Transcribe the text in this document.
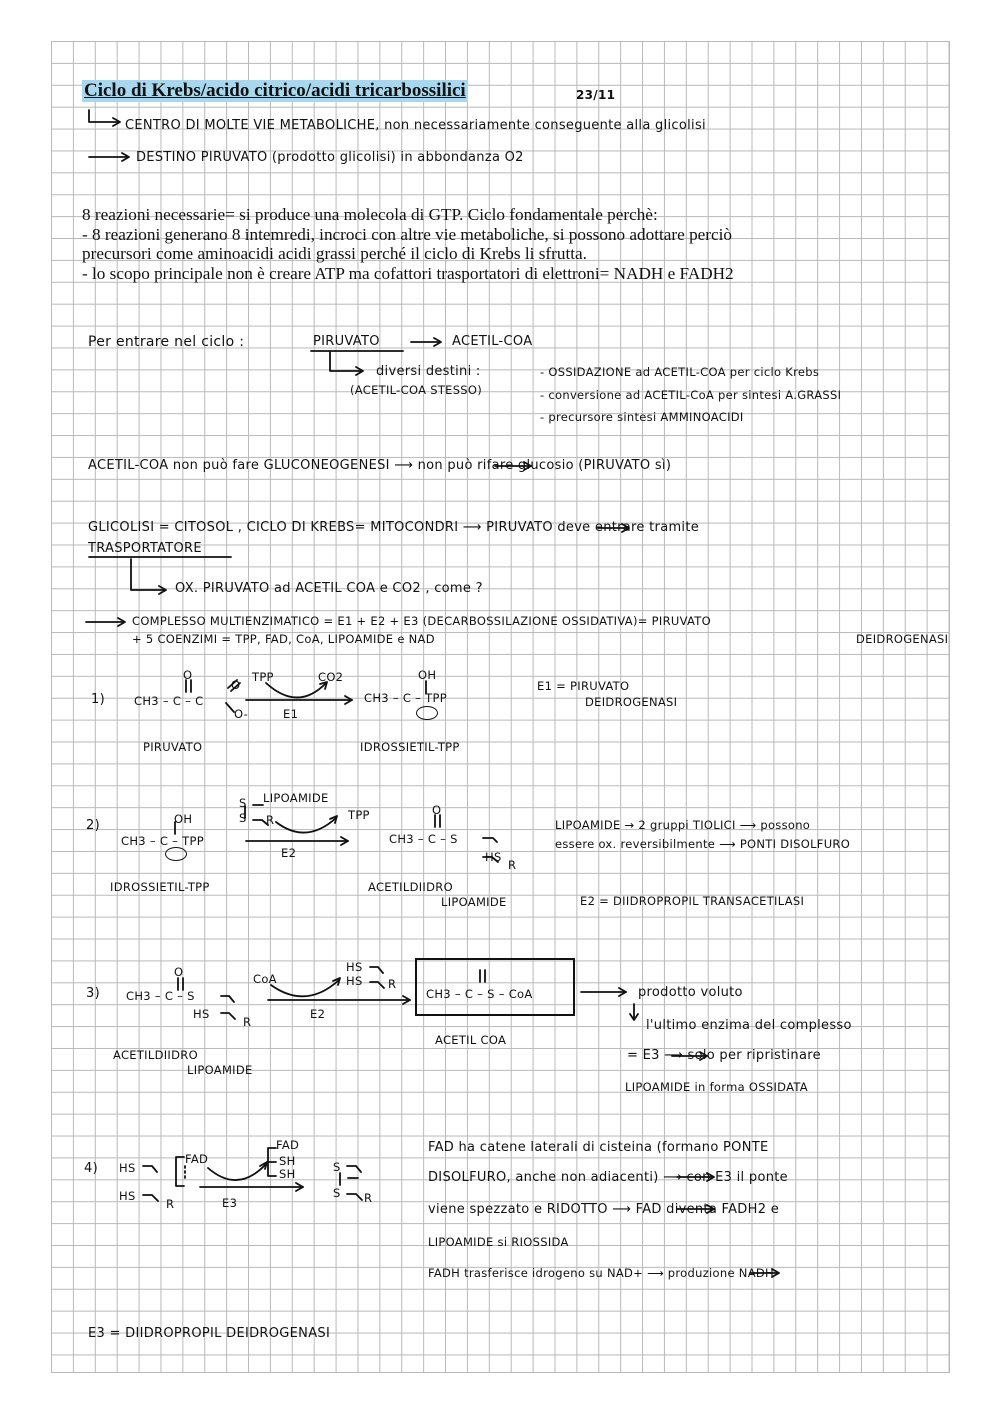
Ciclo di Krebs/acido citrico/acidi tricarbossilici	23/11
CENTRO DI MOLTE VIE METABOLICHE, non necessariamente conseguente alla glicolisi
DESTINO PIRUVATO (prodotto glicolisi) in abbondanza O2
8 reazioni necessarie= si produce una molecola di GTP. Ciclo fondamentale perchè:
- 8 reazioni generano 8 intemredi, incroci con altre vie metaboliche, si possono adottare perciò
precursori come aminoacidi acidi grassi perché il ciclo di Krebs li sfrutta.
- lo scopo principale non è creare ATP ma cofattori trasportatori di elettroni= NADH e FADH2
Per entrare nel ciclo :	PIRUVATO	ACETIL-COA
diversi destini :
(ACETIL-COA STESSO)
- OSSIDAZIONE ad ACETIL-COA per ciclo Krebs
- conversione ad ACETIL-CoA per sintesi A.GRASSI
- precursore sintesi AMMINOACIDI
ACETIL-COA non può fare GLUCONEOGENESI ⟶ non può rifare glucosio (PIRUVATO sì)
GLICOLISI = CITOSOL , CICLO DI KREBS= MITOCONDRI ⟶ PIRUVATO deve entrare tramite
TRASPORTATORE
OX. PIRUVATO ad ACETIL COA e CO2 , come ?
COMPLESSO MULTIENZIMATICO = E1 + E2 + E3 (DECARBOSSILAZIONE OSSIDATIVA)= PIRUVATO
+ 5 COENZIMI = TPP, FAD, CoA, LIPOAMIDE e NAD	DEIDROGENASI
1)
O
O
CH3 – C – C
O-
TPP	CO2
E1
OH
CH3 – C – TPP
PIRUVATO	IDROSSIETIL-TPP
E1 = PIRUVATO
DEIDROGENASI
2)	OH
CH3 – C – TPP
LIPOAMIDE
S
S R	TPP
E2
O
CH3 – C – S
HS
R
IDROSSIETIL-TPP	ACETILDIIDRO
LIPOAMIDE
LIPOAMIDE → 2 gruppi TIOLICI ⟶ possono
essere ox. reversibilmente ⟶ PONTI DISOLFURO
E2 = DIIDROPROPIL TRANSACETILASI
3)
O
CH3 – C – S
HS
R
CoA
HS
HS R
E2
CH3 – C – S – CoA
ACETILDIIDRO
LIPOAMIDE
ACETIL COA
prodotto voluto
l'ultimo enzima del complesso
= E3 ⟶ solo per ripristinare
LIPOAMIDE in forma OSSIDATA
4) HS
HS
R
FAD
FAD
SH
SH
E3
S
S R
FAD ha catene laterali di cisteina (formano PONTE
DISOLFURO, anche non adiacenti) ⟶ con E3 il ponte
viene spezzato e RIDOTTO ⟶ FAD diventa FADH2 e
LIPOAMIDE si RIOSSIDA
FADH trasferisce idrogeno su NAD+ ⟶ produzione NADH
E3 = DIIDROPROPIL DEIDROGENASI
